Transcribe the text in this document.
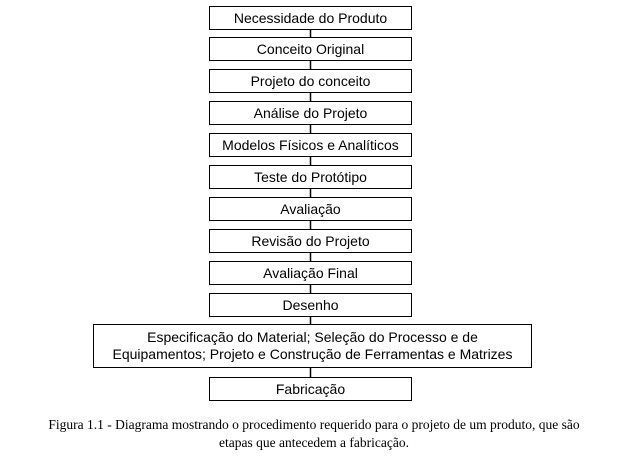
Necessidade do Produto
Conceito Original
Projeto do conceito
Análise do Projeto
Modelos Físicos e Analíticos
Teste do Protótipo
Avaliação
Revisão do Projeto
Avaliação Final
Desenho
Especificação do Material; Seleção do Processo e de
Equipamentos; Projeto e Construção de Ferramentas e Matrizes
Fabricação
Figura 1.1 - Diagrama mostrando o procedimento requerido para o projeto de um produto, que são
etapas que antecedem a fabricação.
